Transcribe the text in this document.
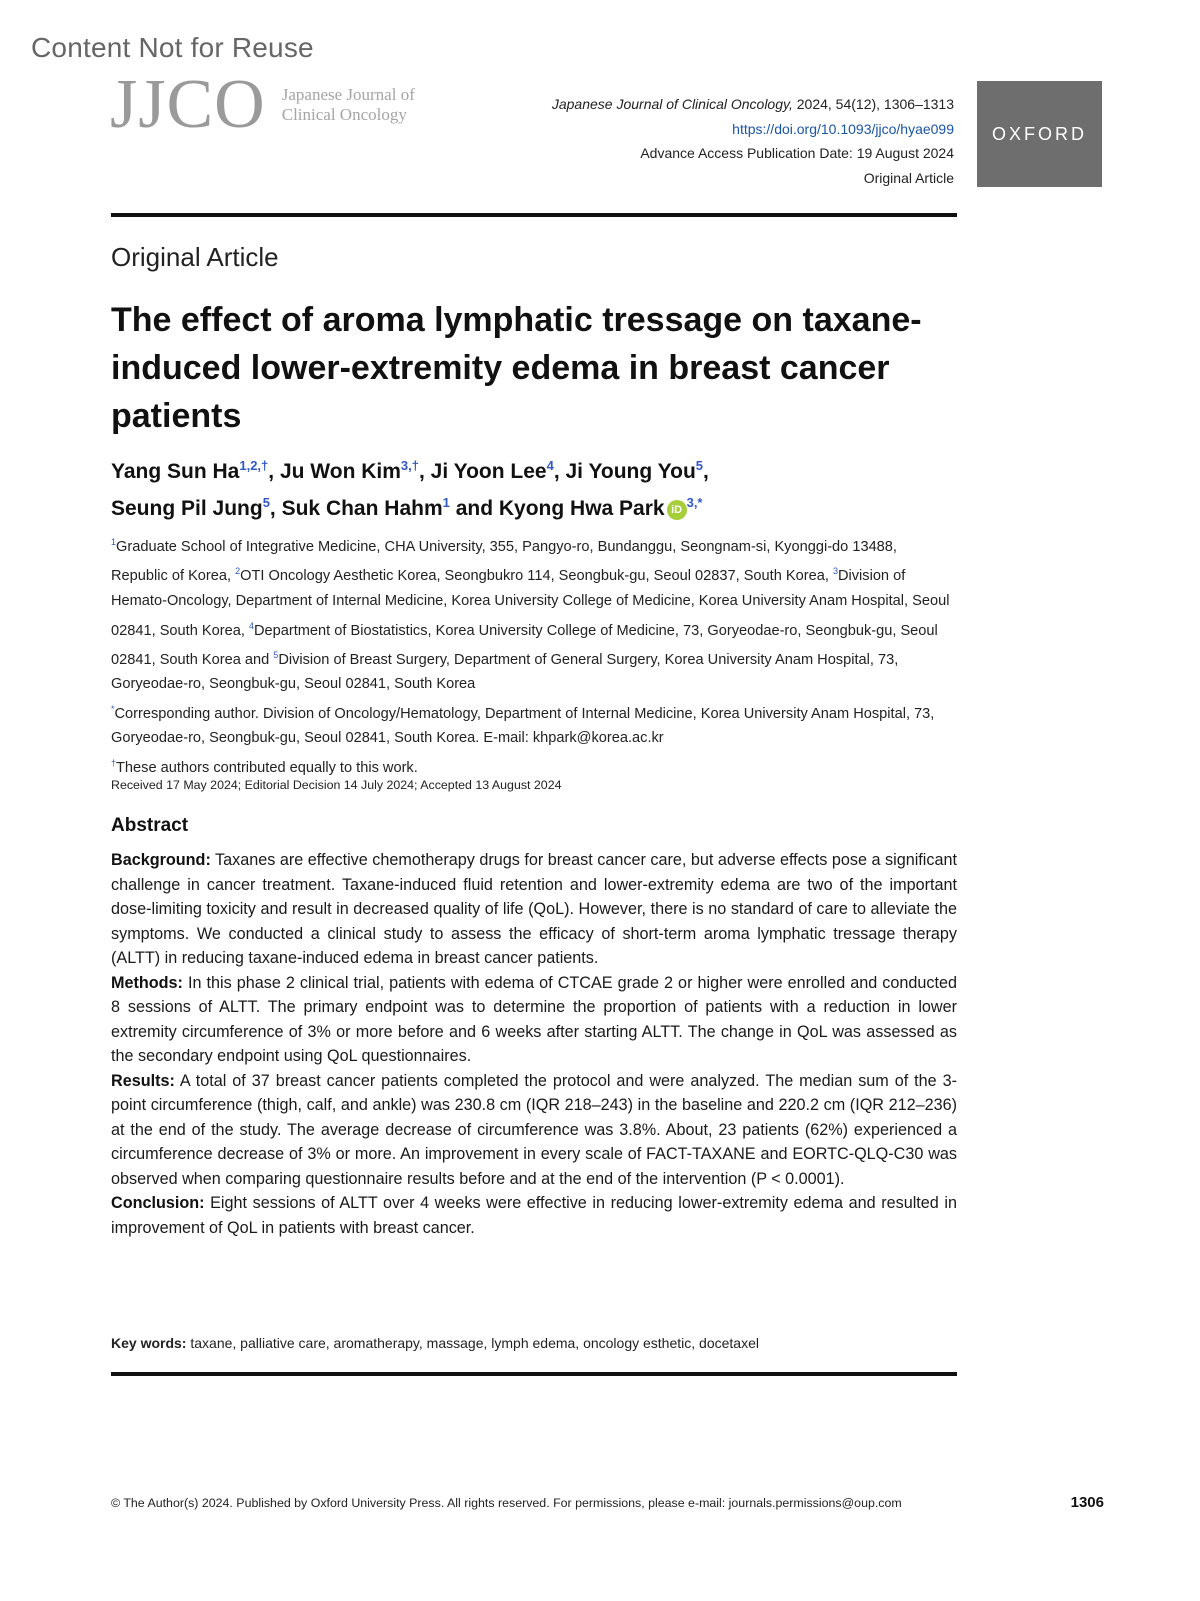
Content Not for Reuse
JJCO Japanese Journal of
Clinical Oncology
Japanese Journal of Clinical Oncology, 2024, 54(12), 1306–1313
https://doi.org/10.1093/jjco/hyae099
Advance Access Publication Date: 19 August 2024
Original Article
OXFORD
Original Article
The effect of aroma lymphatic tressage on taxane-induced lower-extremity edema in breast cancer patients
Yang Sun $Ha^{1,2,\dagger}$, Ju Won Kim$^{3,\dagger}$, Ji Yoon Lee$^4$, Ji Young You$^5$,
Seung Pil Jung$^5$, Suk Chan Hahm$^1$ and Kyong Hwa Park iD $^{3,*}$
$^1$Graduate School of Integrative Medicine, CHA University, 355, Pangyo-ro, Bundanggu, Seongnam-si, Kyonggi-do 13488, Republic of Korea, $^2$OTI Oncology Aesthetic Korea, Seongbukro 114, Seongbuk-gu, Seoul 02837, South Korea, $^3$Division of Hemato-Oncology, Department of Internal Medicine, Korea University College of Medicine, Korea University Anam Hospital, Seoul 02841, South Korea, $^4$Department of Biostatistics, Korea University College of Medicine, 73, Goryeodae-ro, Seongbuk-gu, Seoul 02841, South Korea and $^5$Division of Breast Surgery, Department of General Surgery, Korea University Anam Hospital, 73, Goryeodae-ro, Seongbuk-gu, Seoul 02841, South Korea
*Corresponding author. Division of Oncology/Hematology, Department of Internal Medicine, Korea University Anam Hospital, 73, Goryeodae-ro, Seongbuk-gu, Seoul 02841, South Korea. E-mail: khpark@korea.ac.kr
†These authors contributed equally to this work.
Received 17 May 2024; Editorial Decision 14 July 2024; Accepted 13 August 2024
Abstract

Background: Taxanes are effective chemotherapy drugs for breast cancer care, but adverse effects pose a significant challenge in cancer treatment. Taxane-induced fluid retention and lower-extremity edema are two of the important dose-limiting toxicity and result in decreased quality of life (QoL). However, there is no standard of care to alleviate the symptoms. We conducted a clinical study to assess the efficacy of short-term aroma lymphatic tressage therapy (ALTT) in reducing taxane-induced edema in breast cancer patients.

Methods: In this phase 2 clinical trial, patients with edema of CTCAE grade 2 or higher were enrolled and conducted 8 sessions of ALTT. The primary endpoint was to determine the proportion of patients with a reduction in lower extremity circumference of 3% or more before and 6 weeks after starting ALTT. The change in QoL was assessed as the secondary endpoint using QoL questionnaires.

Results: A total of 37 breast cancer patients completed the protocol and were analyzed. The median sum of the 3-point circumference (thigh, calf, and ankle) was 230.8 cm (IQR 218–243) in the baseline and 220.2 cm (IQR 212–236) at the end of the study. The average decrease of circumference was 3.8%. About, 23 patients (62%) experienced a circumference decrease of 3% or more. An improvement in every scale of FACT-TAXANE and EORTC-QLQ-C30 was observed when comparing questionnaire results before and at the end of the intervention (P < 0.0001).

Conclusion: Eight sessions of ALTT over 4 weeks were effective in reducing lower-extremity edema and resulted in improvement of QoL in patients with breast cancer.

Key words: taxane, palliative care, aromatherapy, massage, lymph edema, oncology esthetic, docetaxel
© The Author(s) 2024. Published by Oxford University Press. All rights reserved. For permissions, please e-mail: journals.permissions@oup.com	1306
